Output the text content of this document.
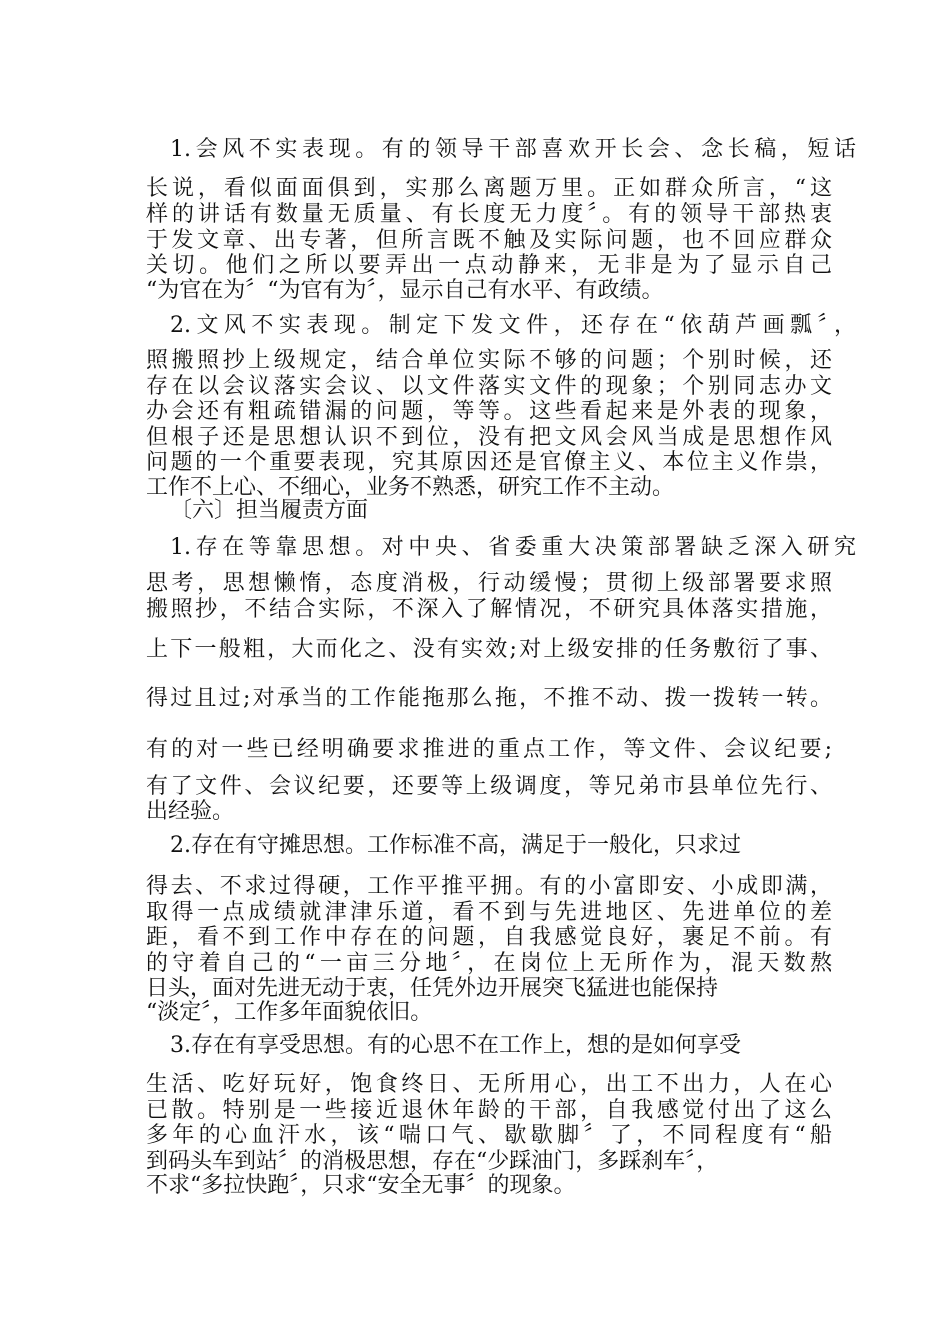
1.会风不实表现。有的领导干部喜欢开长会、念长稿，短话
长说，看似面面俱到，实那么离题万里。正如群众所言，“这
样的讲话有数量无质量、有长度无力度〞。有的领导干部热衷
于发文章、出专著，但所言既不触及实际问题，也不回应群众
关切。他们之所以要弄出一点动静来，无非是为了显示自己
“为官在为〞“为官有为〞，显示自己有水平、有政绩。
2.文风不实表现。制定下发文件，还存在“依葫芦画瓢〞，
照搬照抄上级规定，结合单位实际不够的问题；个别时候，还
存在以会议落实会议、以文件落实文件的现象；个别同志办文
办会还有粗疏错漏的问题，等等。这些看起来是外表的现象，
但根子还是思想认识不到位，没有把文风会风当成是思想作风
问题的一个重要表现，究其原因还是官僚主义、本位主义作祟，
工作不上心、不细心，业务不熟悉，研究工作不主动。
〔六〕担当履责方面
1.存在等靠思想。对中央、省委重大决策部署缺乏深入研究
思考，思想懒惰，态度消极，行动缓慢；贯彻上级部署要求照
搬照抄，不结合实际，不深入了解情况，不研究具体落实措施，
上下一般粗，大而化之、没有实效;对上级安排的任务敷衍了事、
得过且过;对承当的工作能拖那么拖，不推不动、拨一拨转一转。
有的对一些已经明确要求推进的重点工作，等文件、会议纪要;
有了文件、会议纪要，还要等上级调度，等兄弟市县单位先行、
出经验。
2.存在有守摊思想。工作标准不高，满足于一般化，只求过
得去、不求过得硬，工作平推平拥。有的小富即安、小成即满，
取得一点成绩就津津乐道，看不到与先进地区、先进单位的差
距，看不到工作中存在的问题，自我感觉良好，裹足不前。有
的守着自己的“一亩三分地〞，在岗位上无所作为，混天数熬
日头，面对先进无动于衷，任凭外边开展突飞猛进也能保持
“淡定〞，工作多年面貌依旧。
3.存在有享受思想。有的心思不在工作上，想的是如何享受
生活、吃好玩好，饱食终日、无所用心，出工不出力，人在心
已散。特别是一些接近退休年龄的干部，自我感觉付出了这么
多年的心血汗水，该“喘口气、歇歇脚〞了，不同程度有“船
到码头车到站〞的消极思想，存在“少踩油门，多踩刹车〞，
不求“多拉快跑〞，只求“安全无事〞的现象。
